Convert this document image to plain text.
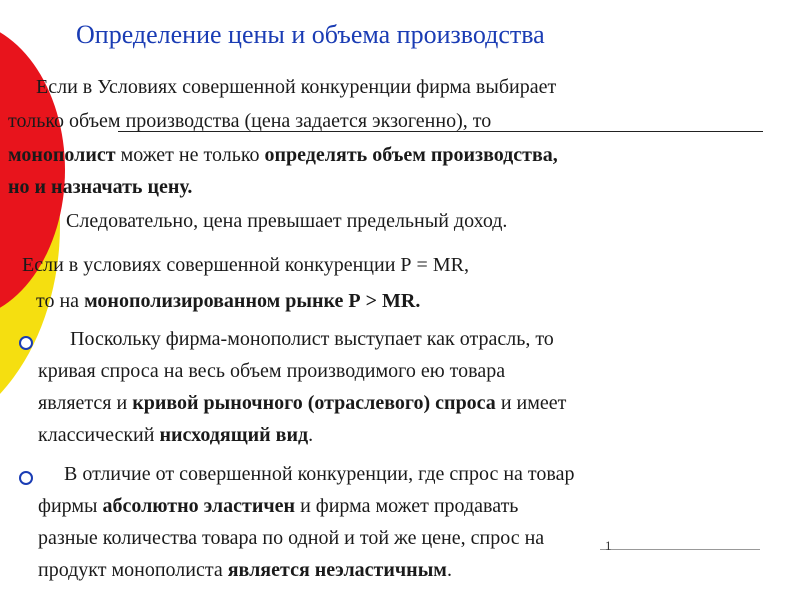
Определение цены и объема производства
Если в Условиях совершенной конкуренции фирма выбирает
только объем производства (цена задается экзогенно), то
монополист может не только определять объем производства,
но и назначать цену.
Следовательно, цена превышает предельный доход.
Если в условиях совершенной конкуренции Р = MR,
то на монополизированном рынке Р > MR.
Поскольку фирма-монополист выступает как отрасль, то
кривая спроса на весь объем производимого ею товара
является и кривой рыночного (отраслевого) спроса и имеет
классический нисходящий вид.
В отличие от совершенной конкуренции, где спрос на товар
фирмы абсолютно эластичен и фирма может продавать
разные количества товара по одной и той же цене, спрос на
продукт монополиста является неэластичным.
1
